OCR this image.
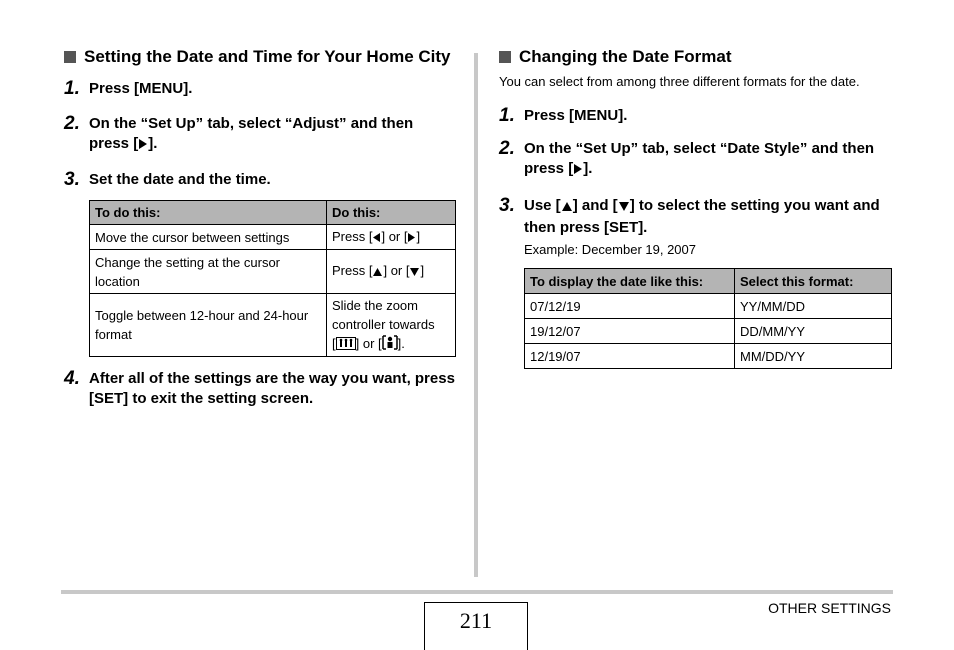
Setting the Date and Time for Your Home City
1. Press [MENU].
2. On the “Set Up” tab, select “Adjust” and then press [ ].
3. Set the date and the time.
To do this:	Do this:
Move the cursor between settings	Press [ ] or [ ]
Change the setting at the cursor location	Press [ ] or [ ]
Toggle between 12-hour and 24-hour format	Slide the zoom controller towards
[ ] or [ ].
4. After all of the settings are the way you want, press [SET] to exit the setting screen.
Changing the Date Format
You can select from among three different formats for the date.
1. Press [MENU].
2. On the “Set Up” tab, select “Date Style” and then press [ ].
3. Use [ ] and [ ] to select the setting you want and then press [SET].
Example: December 19, 2007
To display the date like this:	Select this format:
07/12/19	YY/MM/DD
19/12/07	DD/MM/YY
12/19/07	MM/DD/YY
211	OTHER SETTINGS
